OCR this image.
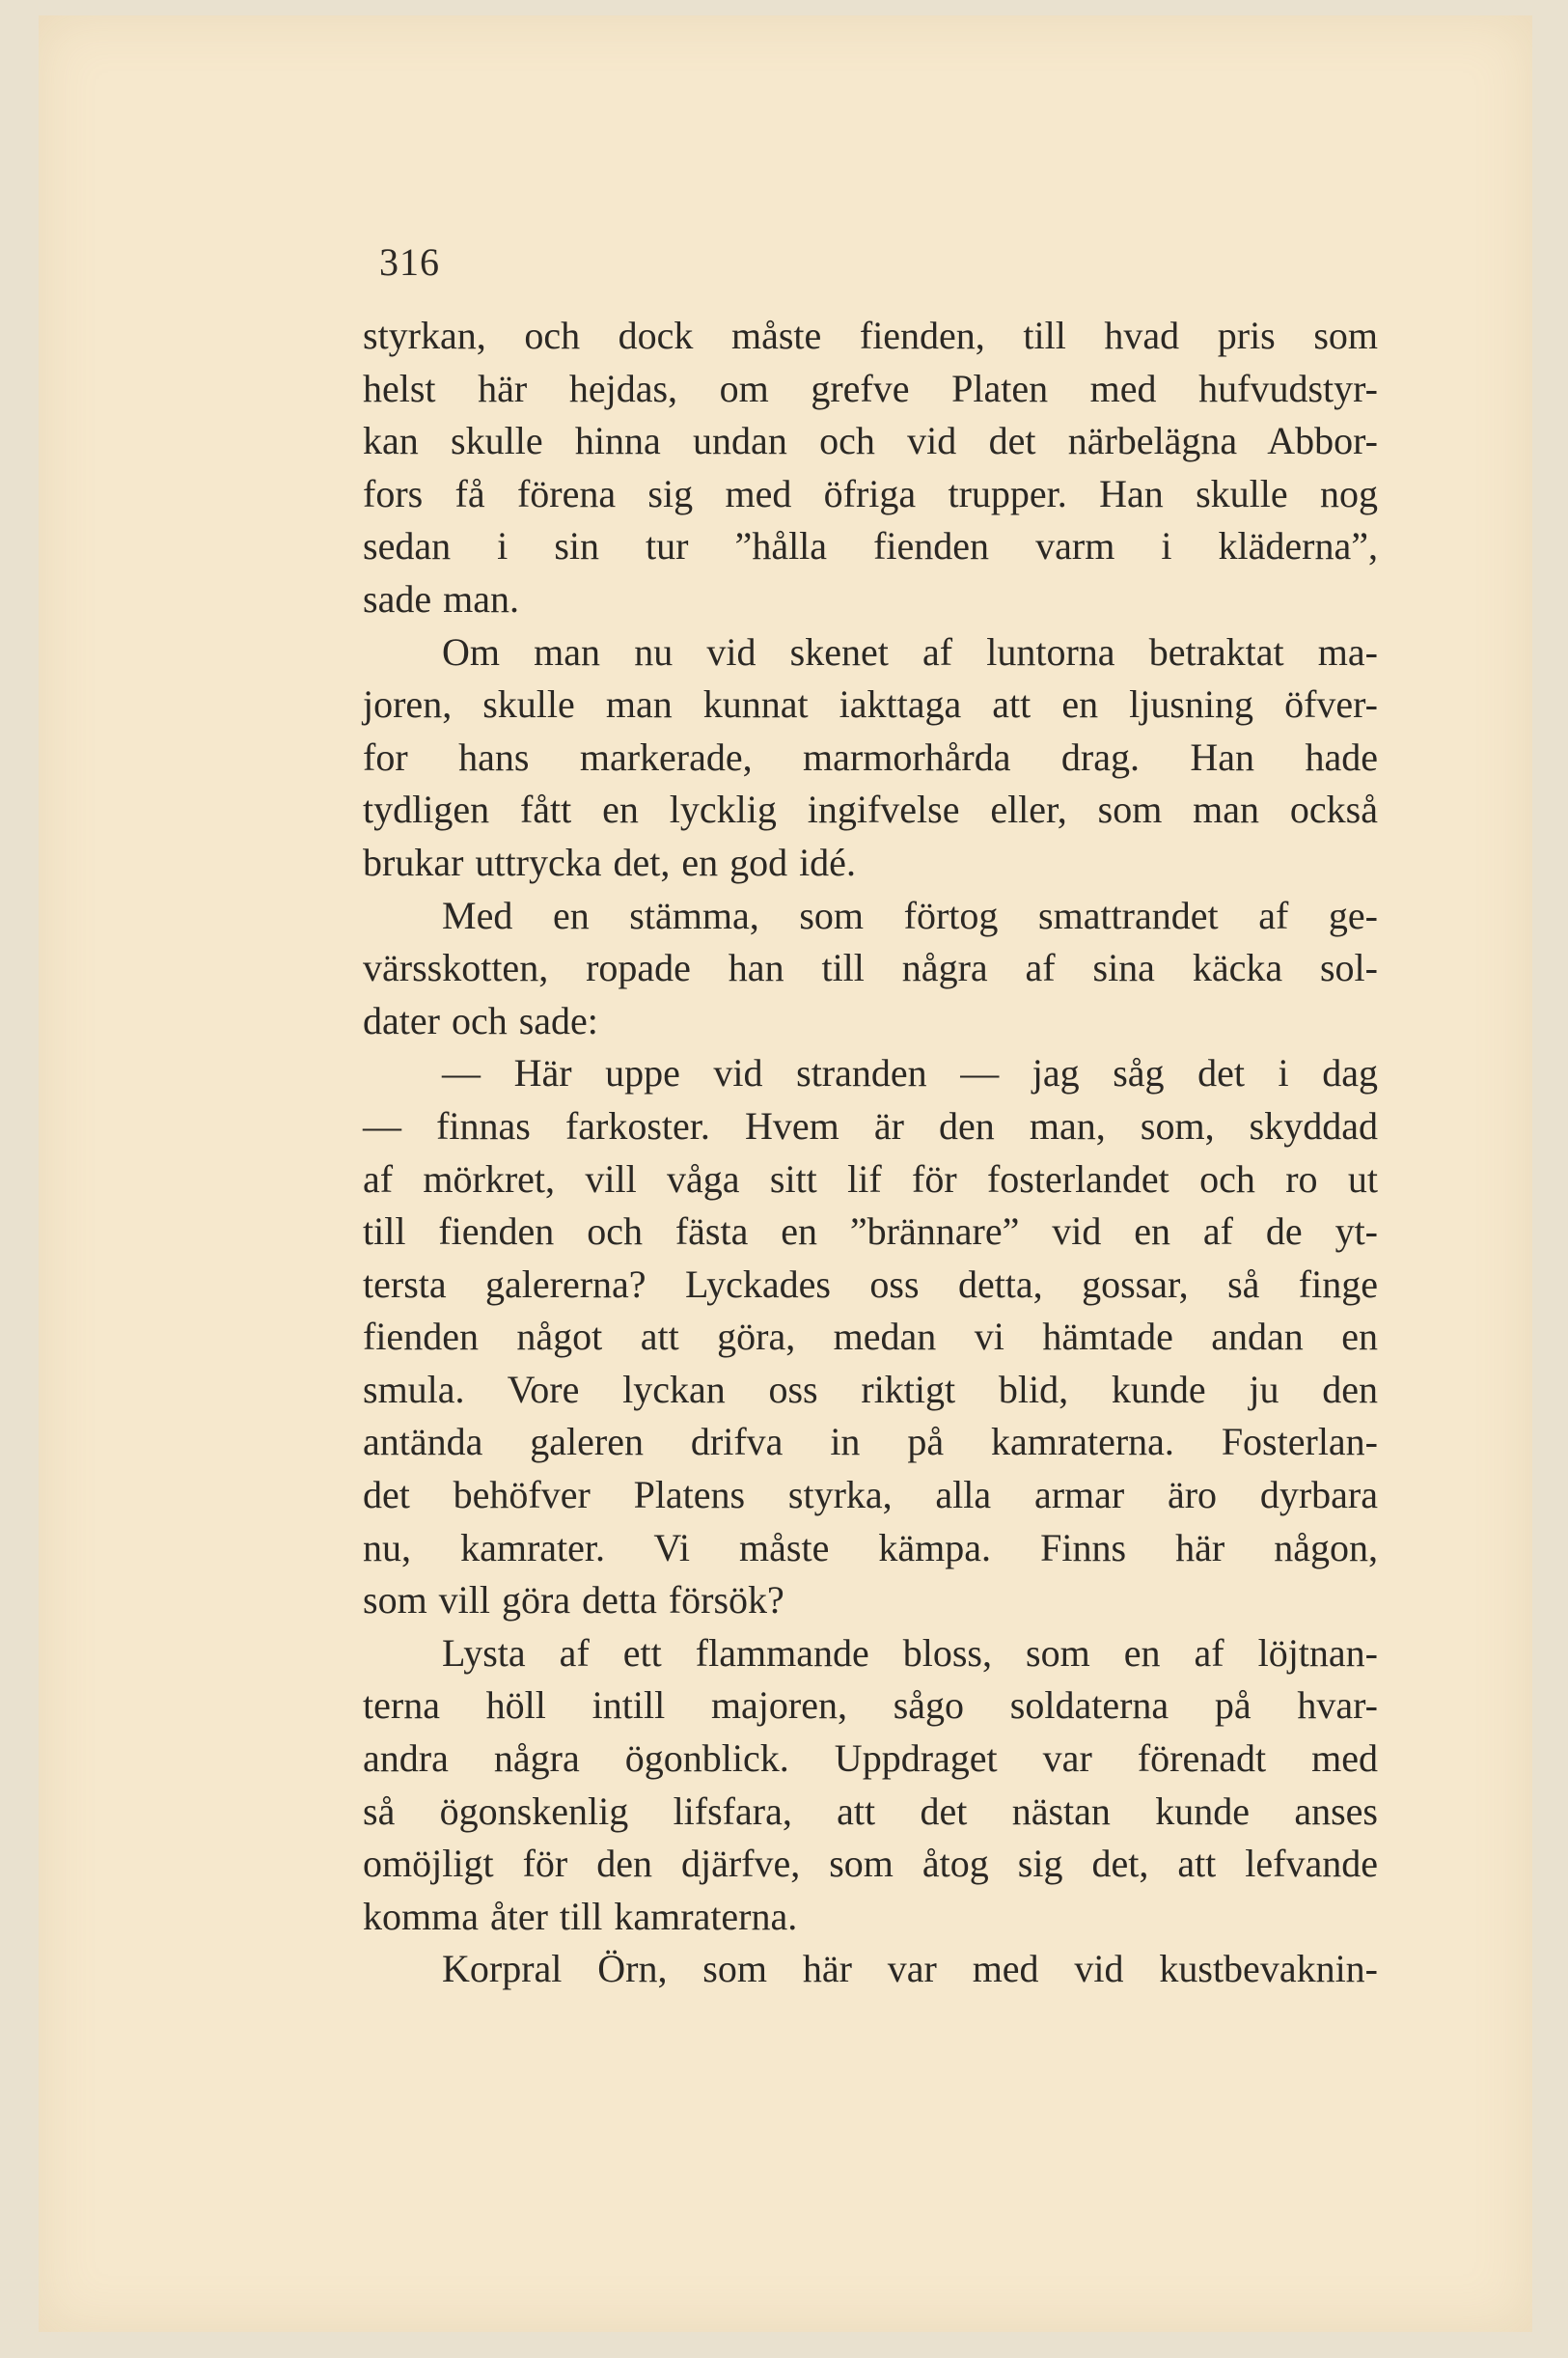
316
styrkan, och dock måste fienden, till hvad pris som
helst här hejdas, om grefve Platen med hufvudstyr-
kan skulle hinna undan och vid det närbelägna Abbor-
fors få förena sig med öfriga trupper. Han skulle nog
sedan i sin tur ”hålla fienden varm i kläderna”,
sade man.
Om man nu vid skenet af luntorna betraktat ma-
joren, skulle man kunnat iakttaga att en ljusning öfver-
for hans markerade, marmorhårda drag. Han hade
tydligen fått en lycklig ingifvelse eller, som man också
brukar uttrycka det, en god idé.
Med en stämma, som förtog smattrandet af ge-
värsskotten, ropade han till några af sina käcka sol-
dater och sade:
— Här uppe vid stranden — jag såg det i dag
— finnas farkoster. Hvem är den man, som, skyddad
af mörkret, vill våga sitt lif för fosterlandet och ro ut
till fienden och fästa en ”brännare” vid en af de yt-
tersta galererna? Lyckades oss detta, gossar, så finge
fienden något att göra, medan vi hämtade andan en
smula. Vore lyckan oss riktigt blid, kunde ju den
antända galeren drifva in på kamraterna. Fosterlan-
det behöfver Platens styrka, alla armar äro dyrbara
nu, kamrater. Vi måste kämpa. Finns här någon,
som vill göra detta försök?
Lysta af ett flammande bloss, som en af löjtnan-
terna höll intill majoren, sågo soldaterna på hvar-
andra några ögonblick. Uppdraget var förenadt med
så ögonskenlig lifsfara, att det nästan kunde anses
omöjligt för den djärfve, som åtog sig det, att lefvande
komma åter till kamraterna.
Korpral Örn, som här var med vid kustbevaknin-
